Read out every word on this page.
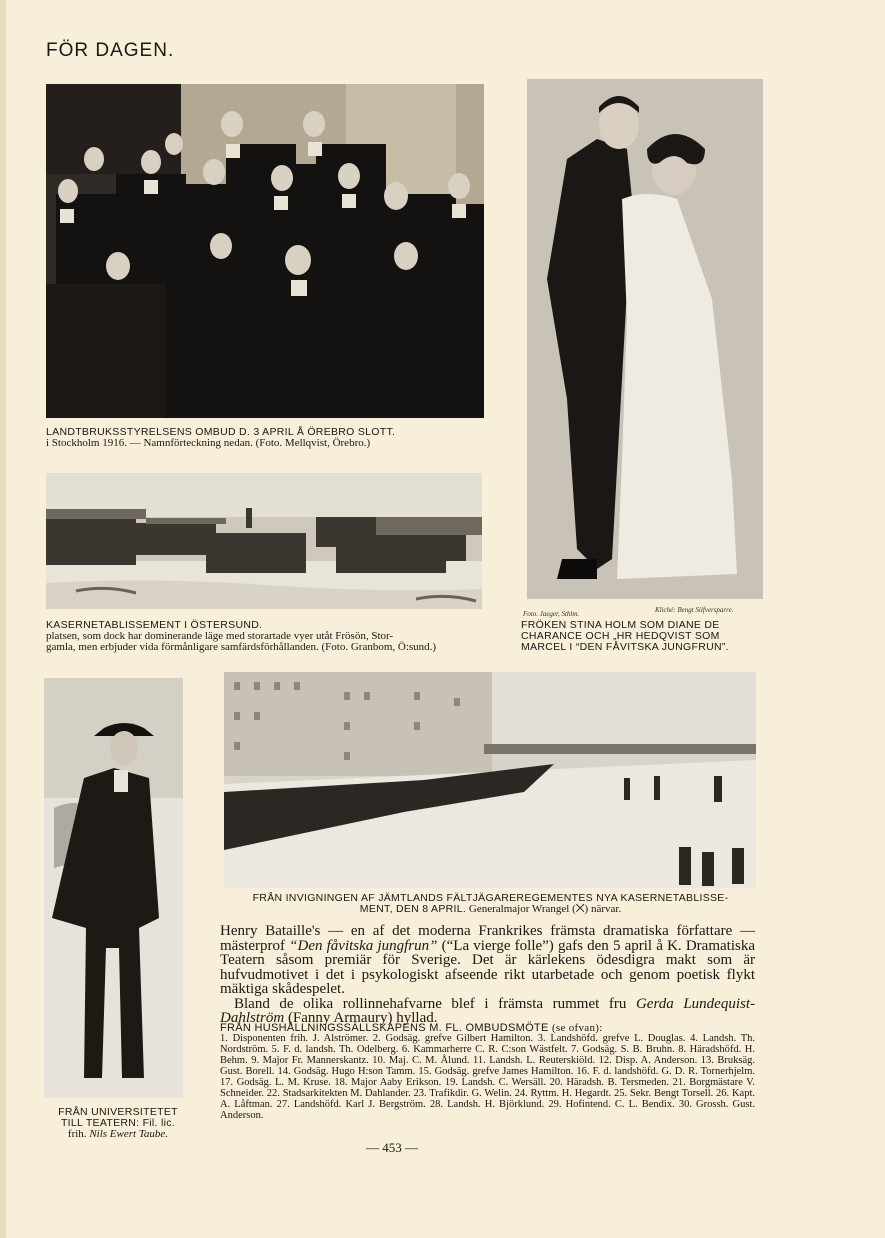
FÖR DAGEN.
LANDTBRUKSSTYRELSENS OMBUD D. 3 APRIL Å ÖREBRO SLOTT.
i Stockholm 1916. — Namnförteckning nedan. (Foto. Mellqvist, Örebro.)
KASERNETABLISSEMENT I ÖSTERSUND.
platsen, som dock har dominerande läge med storartade vyer utåt Frösön, Stor-
gamla, men erbjuder vida förmånligare samfärdsförhållanden. (Foto. Granbom, Ö:sund.)
Foto. Jaeger, Sthlm.	Kliché: Bengt Silfversparre.
FRÖKEN STINA HOLM SOM DIANE DE
CHARANCE OCH „HR HEDQVIST SOM
MARCEL I “DEN FÅVITSKA JUNGFRUN”.
FRÅN UNIVERSITETET
TILL TEATERN: Fil. lic.
frih. Nils Ewert Taube.
FRÅN INVIGNINGEN AF JÄMTLANDS FÄLTJÄGAREREGEMENTES NYA KASERNETABLISSE-
MENT, DEN 8 APRIL. Generalmajor Wrangel (⨉) närvar.

Henry Bataille's — en af det moderna Frankrikes främsta dramatiska författare — mästerprof “Den fåvitska jungfrun” (“La vierge folle”) gafs den 5 april å K. Dramatiska Teatern såsom premiär för Sverige. Det är kärlekens ödesdigra makt som är hufvudmotivet i det i psykologiskt afseende rikt utarbetade och genom poetisk flykt mäktiga skådespelet.

Bland de olika rollinnehafvarne blef i främsta rummet fru Gerda Lundequist-Dahlström (Fanny Armaury) hyllad.

FRÅN HUSHÅLLNINGSSÄLLSKAPENS M. FL. OMBUDSMÖTE (se ofvan):
1. Disponenten frih. J. Alströmer. 2. Godsäg. grefve Gilbert Hamilton. 3. Landshöfd. grefve L. Douglas. 4. Landsh. Th. Nordström. 5. F. d. landsh. Th. Odelberg. 6. Kammarherre C. R. C:son Wästfelt. 7. Godsäg. S. B. Bruhn. 8. Häradshöfd. H. Behm. 9. Major Fr. Mannerskantz. 10. Maj. C. M. Ålund. 11. Landsh. L. Reuterskiöld. 12. Disp. A. Anderson. 13. Bruksäg. Gust. Borell. 14. Godsäg. Hugo H:son Tamm. 15. Godsäg. grefve James Hamilton. 16. F. d. landshöfd. G. D. R. Tornerhjelm. 17. Godsäg. L. M. Kruse. 18. Major Aaby Erikson. 19. Landsh. C. Wersäll. 20. Häradsh. B. Tersmeden. 21. Borgmästare V. Schneider. 22. Stadsarkitekten M. Dahlander. 23. Trafikdir. G. Welin. 24. Ryttm. H. Hegardt. 25. Sekr. Bengt Torsell. 26. Kapt. A. Låftman. 27. Landshöfd. Karl J. Bergström. 28. Landsh. H. Björklund. 29. Hofintend. C. L. Bendix. 30. Grossh. Gust. Anderson.
— 453 —
